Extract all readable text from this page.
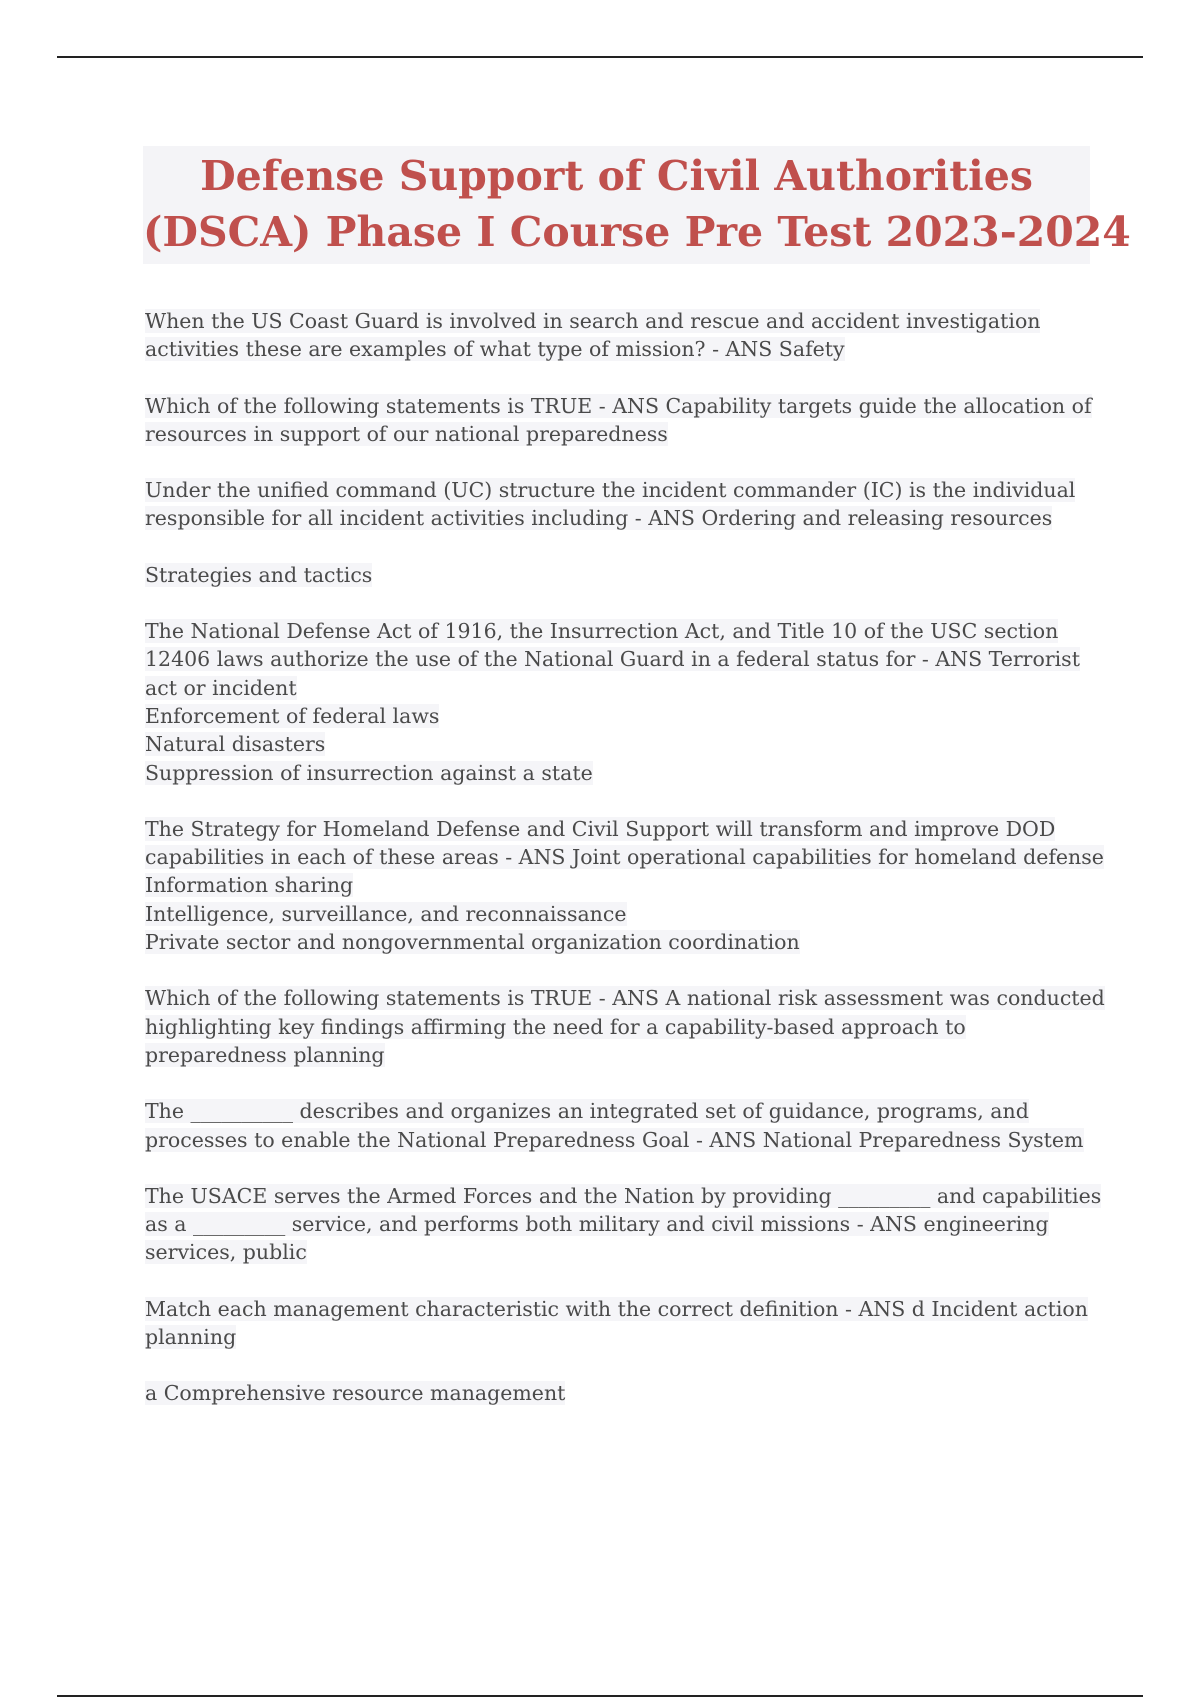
Defense Support of Civil Authorities
(DSCA) Phase I Course Pre Test 2023-2024
When the US Coast Guard is involved in search and rescue and accident investigation
activities these are examples of what type of mission? - ANS Safety
Which of the following statements is TRUE - ANS Capability targets guide the allocation of
resources in support of our national preparedness
Under the unified command (UC) structure the incident commander (IC) is the individual
responsible for all incident activities including - ANS Ordering and releasing resources
Strategies and tactics
The National Defense Act of 1916, the Insurrection Act, and Title 10 of the USC section
12406 laws authorize the use of the National Guard in a federal status for - ANS Terrorist
act or incident
Enforcement of federal laws
Natural disasters
Suppression of insurrection against a state
The Strategy for Homeland Defense and Civil Support will transform and improve DOD
capabilities in each of these areas - ANS Joint operational capabilities for homeland defense
Information sharing
Intelligence, surveillance, and reconnaissance
Private sector and nongovernmental organization coordination
Which of the following statements is TRUE - ANS A national risk assessment was conducted
highlighting key findings affirming the need for a capability-based approach to
preparedness planning
The __________ describes and organizes an integrated set of guidance, programs, and
processes to enable the National Preparedness Goal - ANS National Preparedness System
The USACE serves the Armed Forces and the Nation by providing _________ and capabilities
as a _________ service, and performs both military and civil missions - ANS engineering
services, public
Match each management characteristic with the correct definition - ANS d Incident action
planning
a Comprehensive resource management
